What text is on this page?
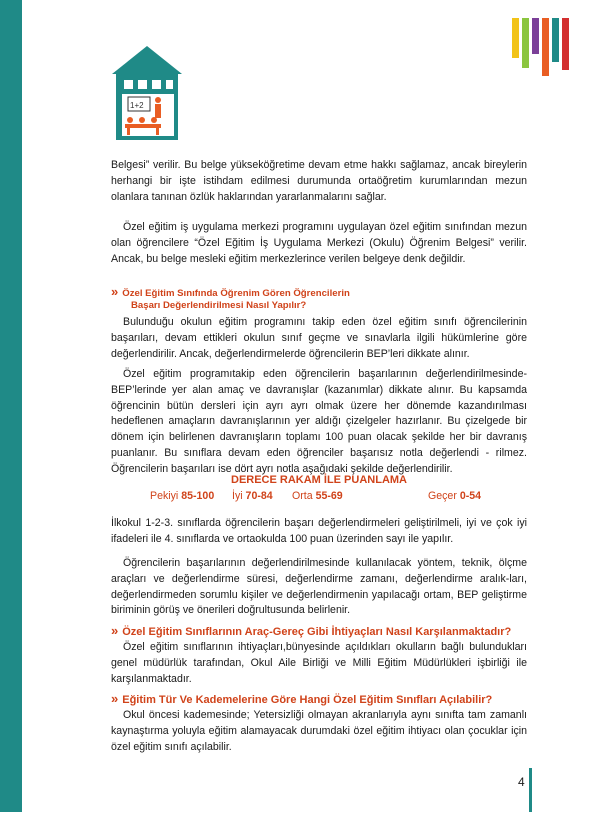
1+2
Belgesi” verilir. Bu belge yükseköğretime devam etme hakkı sağlamaz, ancak bireylerin herhangi bir işte istihdam edilmesi durumunda ortaöğretim kurumlarından mezun olanlara tanınan özlük haklarından yararlanmalarını sağlar.
Özel eğitim iş uygulama merkezi programını uygulayan özel eğitim sınıfından mezun olan öğrencilere “Özel Eğitim İş Uygulama Merkezi (Okulu) Öğrenim Belgesi” verilir. Ancak, bu belge mesleki eğitim merkezlerince verilen belgeye denk değildir.
» Özel Eğitim Sınıfında Öğrenim Gören Öğrencilerin
Başarı Değerlendirilmesi Nasıl Yapılır?
Bulunduğu okulun eğitim programını takip eden özel eğitim sınıfı öğrencilerinin başarıları, devam ettikleri okulun sınıf geçme ve sınavlarla ilgili hükümlerine göre değerlendirilir. Ancak, değerlendirmelerde öğrencilerin BEP’leri dikkate alınır.
Özel eğitim programıtakip eden öğrencilerin başarılarının değerlendirilmesinde-BEP’lerinde yer alan amaç ve davranışlar (kazanımlar) dikkate alınır. Bu kapsamda öğrencinin bütün dersleri için ayrı ayrı olmak üzere her dönemde kazandırılması hedeflenen amaçların davranışlarının yer aldığı çizelgeler hazırlanır. Bu çizelgede bir dönem için belirlenen davranışların toplamı 100 puan olacak şekilde her bir davranış puanlanır. Bu sınıflara devam eden öğrenciler başarısız notla değerlendi - rilmez. Öğrencilerin başarıları ise dört ayrı notla aşağıdaki şekilde değerlendirilir.
DERECE RAKAM İLE PUANLAMA
Pekiyi 85-100 İyi 70-84 Orta 55-69	Geçer 0-54
İlkokul 1-2-3. sınıflarda öğrencilerin başarı değerlendirmeleri geliştirilmeli, iyi ve çok iyi ifadeleri ile 4. sınıflarda ve ortaokulda 100 puan üzerinden sayı ile yapılır.
Öğrencilerin başarılarının değerlendirilmesinde kullanılacak yöntem, teknik, ölçme araçları ve değerlendirme süresi, değerlendirme zamanı, değerlendirme aralık-ları, değerlendirmeden sorumlu kişiler ve değerlendirmenin yapılacağı ortam, BEP geliştirme biriminin görüş ve önerileri doğrultusunda belirlenir.
» Özel Eğitim Sınıflarının Araç-Gereç Gibi İhtiyaçları Nasıl Karşılanmaktadır?
Özel eğitim sınıflarının ihtiyaçları,bünyesinde açıldıkları okulların bağlı bulundukları genel müdürlük tarafından, Okul Aile Birliği ve Milli Eğitim Müdürlükleri işbirliği ile karşılanmaktadır.
» Eğitim Tür Ve Kademelerine Göre Hangi Özel Eğitim Sınıfları Açılabilir?
Okul öncesi kademesinde; Yetersizliği olmayan akranlarıyla aynı sınıfta tam zamanlı kaynaştırma yoluyla eğitim alamayacak durumdaki özel eğitim ihtiyacı olan çocuklar için özel eğitim sınıfı açılabilir.
4
